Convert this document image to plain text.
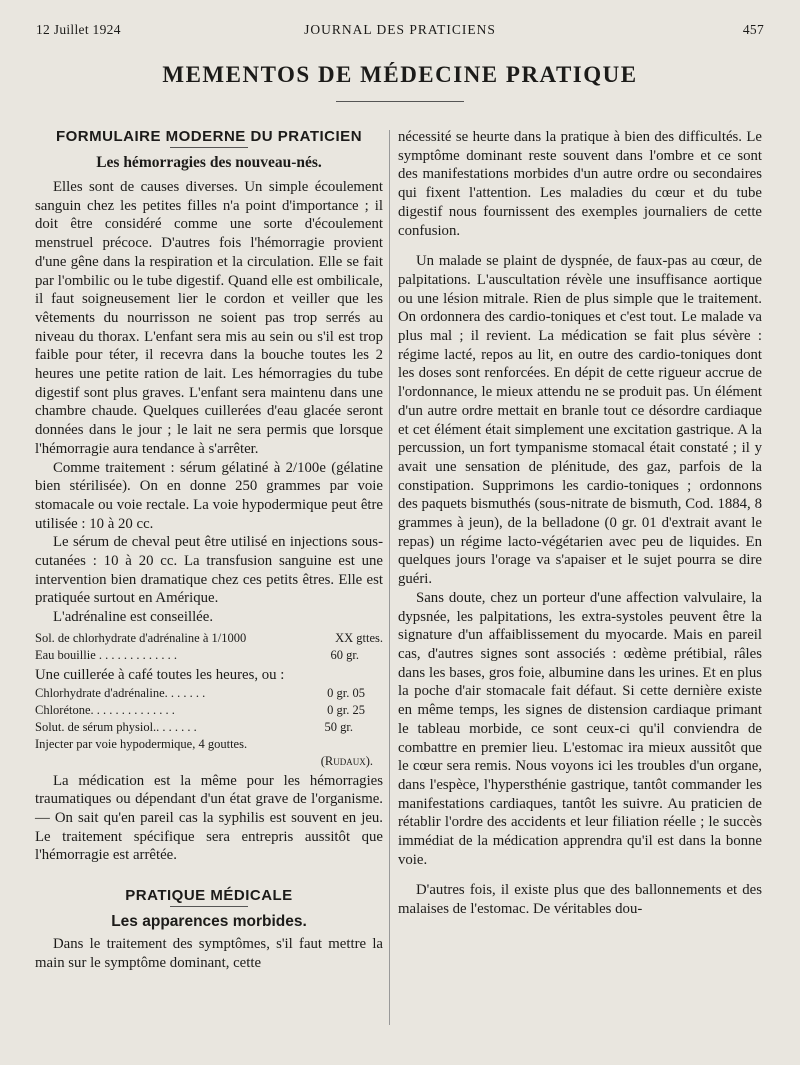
12 Juillet 1924	JOURNAL DES PRATICIENS	457
MEMENTOS DE MÉDECINE PRATIQUE
FORMULAIRE MODERNE DU PRATICIEN
Les hémorragies des nouveau-nés.

Elles sont de causes diverses. Un simple écoulement sanguin chez les petites filles n'a point d'importance ; il doit être considéré comme une sorte d'écoulement menstruel précoce. D'autres fois l'hémorragie provient d'une gêne dans la respiration et la circulation. Elle se fait par l'ombilic ou le tube digestif. Quand elle est ombilicale, il faut soigneusement lier le cordon et veiller que les vêtements du nourrisson ne soient pas trop serrés au niveau du thorax. L'enfant sera mis au sein ou s'il est trop faible pour téter, il recevra dans la bouche toutes les 2 heures une petite ration de lait. Les hémorragies du tube digestif sont plus graves. L'enfant sera maintenu dans une chambre chaude. Quelques cuillerées d'eau glacée seront données dans le jour ; le lait ne sera permis que lorsque l'hémorragie aura tendance à s'arrêter.

Comme traitement : sérum gélatiné à 2/100e (gélatine bien stérilisée). On en donne 250 grammes par voie stomacale ou voie rectale. La voie hypodermique peut être utilisée : 10 à 20 cc.

Le sérum de cheval peut être utilisé en injections sous-cutanées : 10 à 20 cc. La transfusion sanguine est une intervention bien dramatique chez ces petits êtres. Elle est pratiquée surtout en Amérique.

L'adrénaline est conseillée.

Sol. de chlorhydrate d'adrénaline à 1/1000	XX gttes.
Eau bouillie . . . . . . . . . . . . .	60 gr.

Une cuillerée à café toutes les heures, ou :

Chlorhydrate d'adrénaline. . . . . . .	0 gr. 05
Chlorétone. . . . . . . . . . . . . .	0 gr. 25
Solut. de sérum physiol.. . . . . . .	50 gr.
Injecter par voie hypodermique, 4 gouttes.
(Rudaux).

La médication est la même pour les hémorragies traumatiques ou dépendant d'un état grave de l'organisme. — On sait qu'en pareil cas la syphilis est souvent en jeu. Le traitement spécifique sera entrepris aussitôt que l'hémorragie est arrêtée.

PRATIQUE MÉDICALE
Les apparences morbides.

Dans le traitement des symptômes, s'il faut mettre la main sur le symptôme dominant, cette

nécessité se heurte dans la pratique à bien des difficultés. Le symptôme dominant reste souvent dans l'ombre et ce sont des manifestations morbides d'un autre ordre ou secondaires qui fixent l'attention. Les maladies du cœur et du tube digestif nous fournissent des exemples journaliers de cette confusion.

Un malade se plaint de dyspnée, de faux-pas au cœur, de palpitations. L'auscultation révèle une insuffisance aortique ou une lésion mitrale. Rien de plus simple que le traitement. On ordonnera des cardio-toniques et c'est tout. Le malade va plus mal ; il revient. La médication se fait plus sévère : régime lacté, repos au lit, en outre des cardio-toniques dont les doses sont renforcées. En dépit de cette rigueur accrue de l'ordonnance, le mieux attendu ne se produit pas. Un élément d'un autre ordre mettait en branle tout ce désordre cardiaque et cet élément était simplement une excitation gastrique. A la percussion, un fort tympanisme stomacal était constaté ; il y avait une sensation de plénitude, des gaz, parfois de la constipation. Supprimons les cardio-toniques ; ordonnons des paquets bismuthés (sous-nitrate de bismuth, Cod. 1884, 8 grammes à jeun), de la belladone (0 gr. 01 d'extrait avant le repas) un régime lacto-végétarien avec peu de liquides. En quelques jours l'orage va s'apaiser et le sujet pourra se dire guéri.

Sans doute, chez un porteur d'une affection valvulaire, la dypsnée, les palpitations, les extra-systoles peuvent être la signature d'un affaiblissement du myocarde. Mais en pareil cas, d'autres signes sont associés : œdème prétibial, râles dans les bases, gros foie, albumine dans les urines. Et en plus la poche d'air stomacale fait défaut. Si cette dernière existe en même temps, les signes de distension cardiaque primant le tableau morbide, ce sont ceux-ci qu'il conviendra de combattre en premier lieu. L'estomac ira mieux aussitôt que le cœur sera remis. Nous voyons ici les troubles d'un organe, dans l'espèce, l'hypersthénie gastrique, tantôt commander les manifestations cardiaques, tantôt les suivre. Au praticien de rétablir l'ordre des accidents et leur filiation réelle ; le succès immédiat de la médication apprendra qu'il est dans la bonne voie.

D'autres fois, il existe plus que des ballonnements et des malaises de l'estomac. De véritables dou-
